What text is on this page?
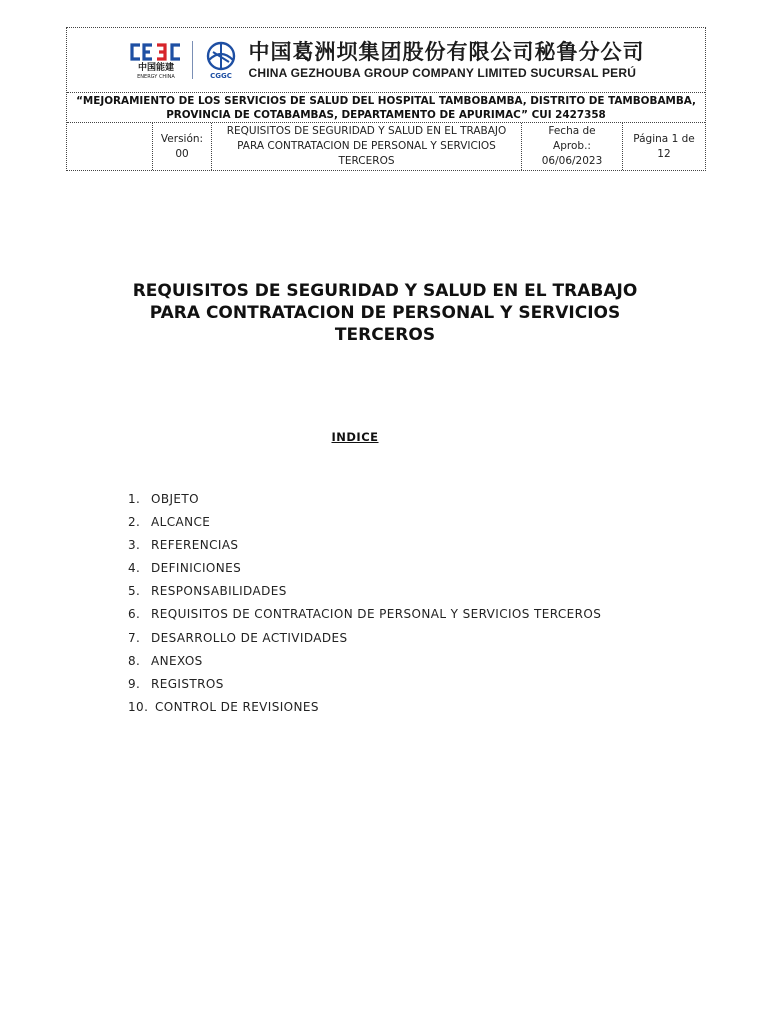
中国能建
ENERGY CHINA	CGGC
中国葛洲坝集团股份有限公司秘鲁分公司
CHINA GEZHOUBA GROUP COMPANY LIMITED SUCURSAL PERÚ
“MEJORAMIENTO DE LOS SERVICIOS DE SALUD DEL HOSPITAL TAMBOBAMBA, DISTRITO DE TAMBOBAMBA,
PROVINCIA DE COTABAMBAS, DEPARTAMENTO DE APURIMAC” CUI 2427358
Versión:
00
REQUISITOS DE SEGURIDAD Y SALUD EN EL TRABAJO PARA CONTRATACION DE PERSONAL Y SERVICIOS TERCEROS
Fecha de
Aprob.:
06/06/2023
Página 1 de
12
REQUISITOS DE SEGURIDAD Y SALUD EN EL TRABAJO
PARA CONTRATACION DE PERSONAL Y SERVICIOS
TERCEROS
INDICE
1. OBJETO
2. ALCANCE
3. REFERENCIAS
4. DEFINICIONES
5. RESPONSABILIDADES
6. REQUISITOS DE CONTRATACION DE PERSONAL Y SERVICIOS TERCEROS
7. DESARROLLO DE ACTIVIDADES
8. ANEXOS
9. REGISTROS
10. CONTROL DE REVISIONES
